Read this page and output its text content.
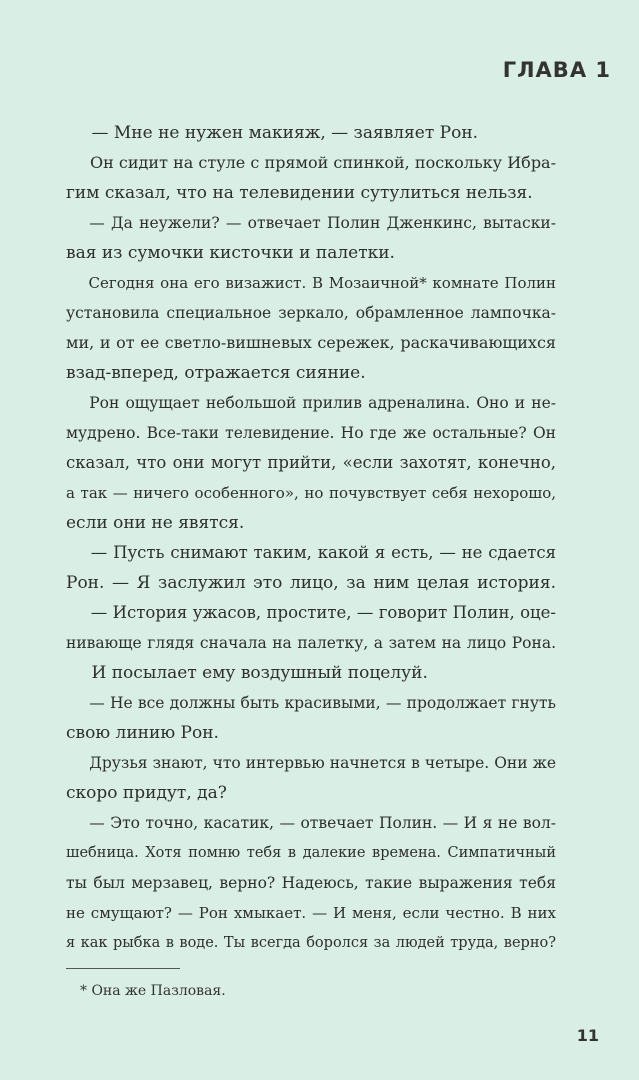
ГЛАВА 1
— Мне не нужен макияж, — заявляет Рон.
Он сидит на стуле с прямой спинкой, поскольку Ибра-
гим сказал, что на телевидении сутулиться нельзя.
— Да неужели? — отвечает Полин Дженкинс, вытаски-
вая из сумочки кисточки и палетки.
Сегодня она его визажист. В Мозаичной* комнате Полин
установила специальное зеркало, обрамленное лампочка-
ми, и от ее светло-вишневых сережек, раскачивающихся
взад-вперед, отражается сияние.
Рон ощущает небольшой прилив адреналина. Оно и не-
мудрено. Все-таки телевидение. Но где же остальные? Он
сказал, что они могут прийти, «если захотят, конечно,
а так — ничего особенного», но почувствует себя нехорошо,
если они не явятся.
— Пусть снимают таким, какой я есть, — не сдается
Рон. — Я заслужил это лицо, за ним целая история.
— История ужасов, простите, — говорит Полин, оце-
нивающе глядя сначала на палетку, а затем на лицо Рона.
И посылает ему воздушный поцелуй.
— Не все должны быть красивыми, — продолжает гнуть
свою линию Рон.
Друзья знают, что интервью начнется в четыре. Они же
скоро придут, да?
— Это точно, касатик, — отвечает Полин. — И я не вол-
шебница. Хотя помню тебя в далекие времена. Симпатичный
ты был мерзавец, верно? Надеюсь, такие выражения тебя
не смущают? — Рон хмыкает. — И меня, если честно. В них
я как рыбка в воде. Ты всегда боролся за людей труда, верно?
* Она же Пазловая.
11
